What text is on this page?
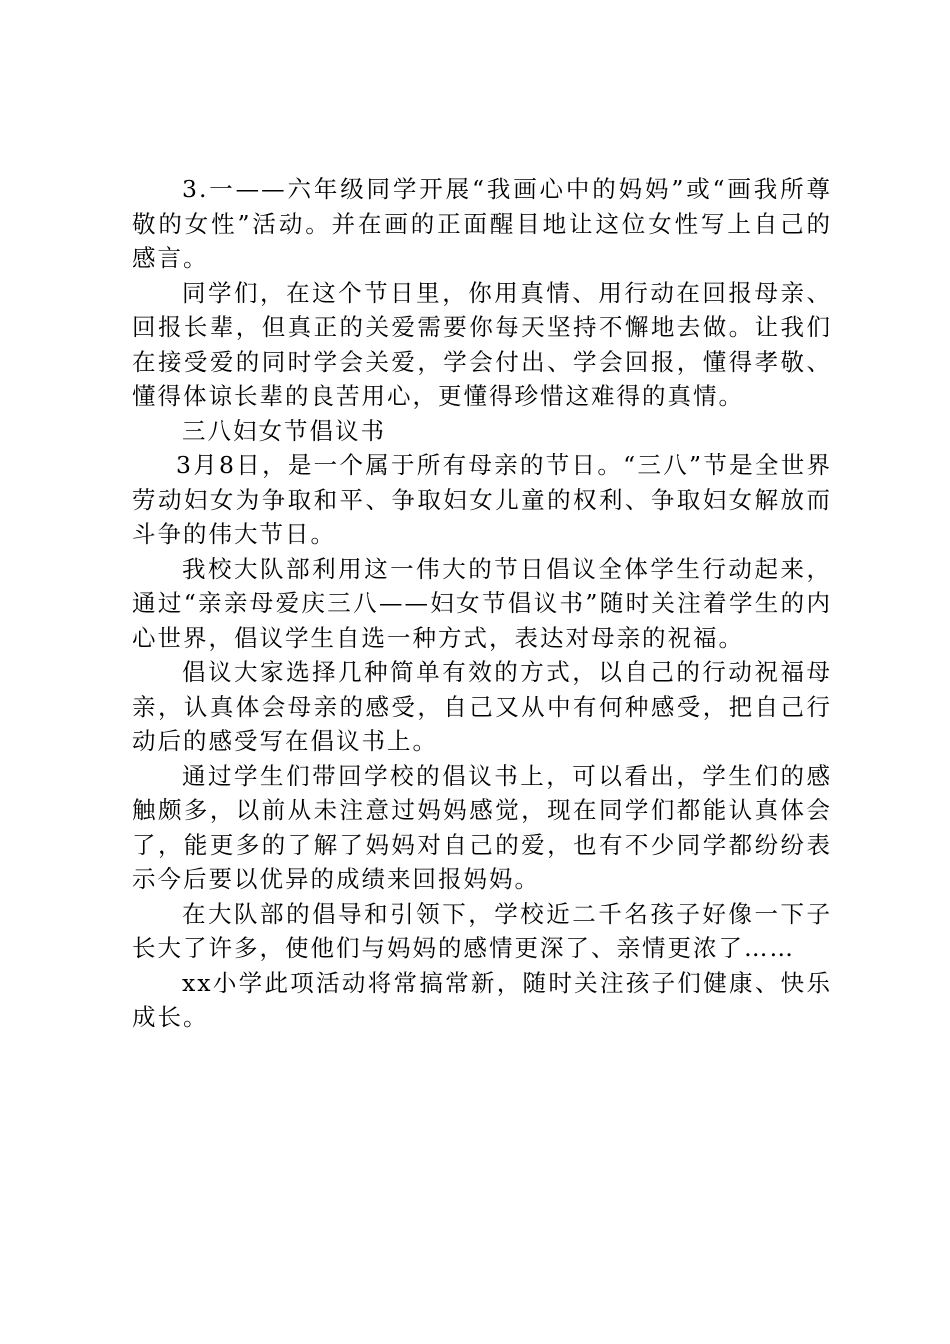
3.一——六年级同学开展“我画心中的妈妈”或“画我所尊敬的女性”活动。并在画的正面醒目地让这位女性写上自己的感言。

同学们，在这个节日里，你用真情、用行动在回报母亲、回报长辈，但真正的关爱需要你每天坚持不懈地去做。让我们在接受爱的同时学会关爱，学会付出、学会回报，懂得孝敬、懂得体谅长辈的良苦用心，更懂得珍惜这难得的真情。

三八妇女节倡议书

3月8日，是一个属于所有母亲的节日。“三八”节是全世界劳动妇女为争取和平、争取妇女儿童的权利、争取妇女解放而斗争的伟大节日。

我校大队部利用这一伟大的节日倡议全体学生行动起来，通过“亲亲母爱庆三八——妇女节倡议书”随时关注着学生的内心世界，倡议学生自选一种方式，表达对母亲的祝福。

倡议大家选择几种简单有效的方式，以自己的行动祝福母亲，认真体会母亲的感受，自己又从中有何种感受，把自己行动后的感受写在倡议书上。

通过学生们带回学校的倡议书上，可以看出，学生们的感触颇多，以前从未注意过妈妈感觉，现在同学们都能认真体会了，能更多的了解了妈妈对自己的爱，也有不少同学都纷纷表示今后要以优异的成绩来回报妈妈。

在大队部的倡导和引领下，学校近二千名孩子好像一下子长大了许多，使他们与妈妈的感情更深了、亲情更浓了……

xx小学此项活动将常搞常新，随时关注孩子们健康、快乐成长。
